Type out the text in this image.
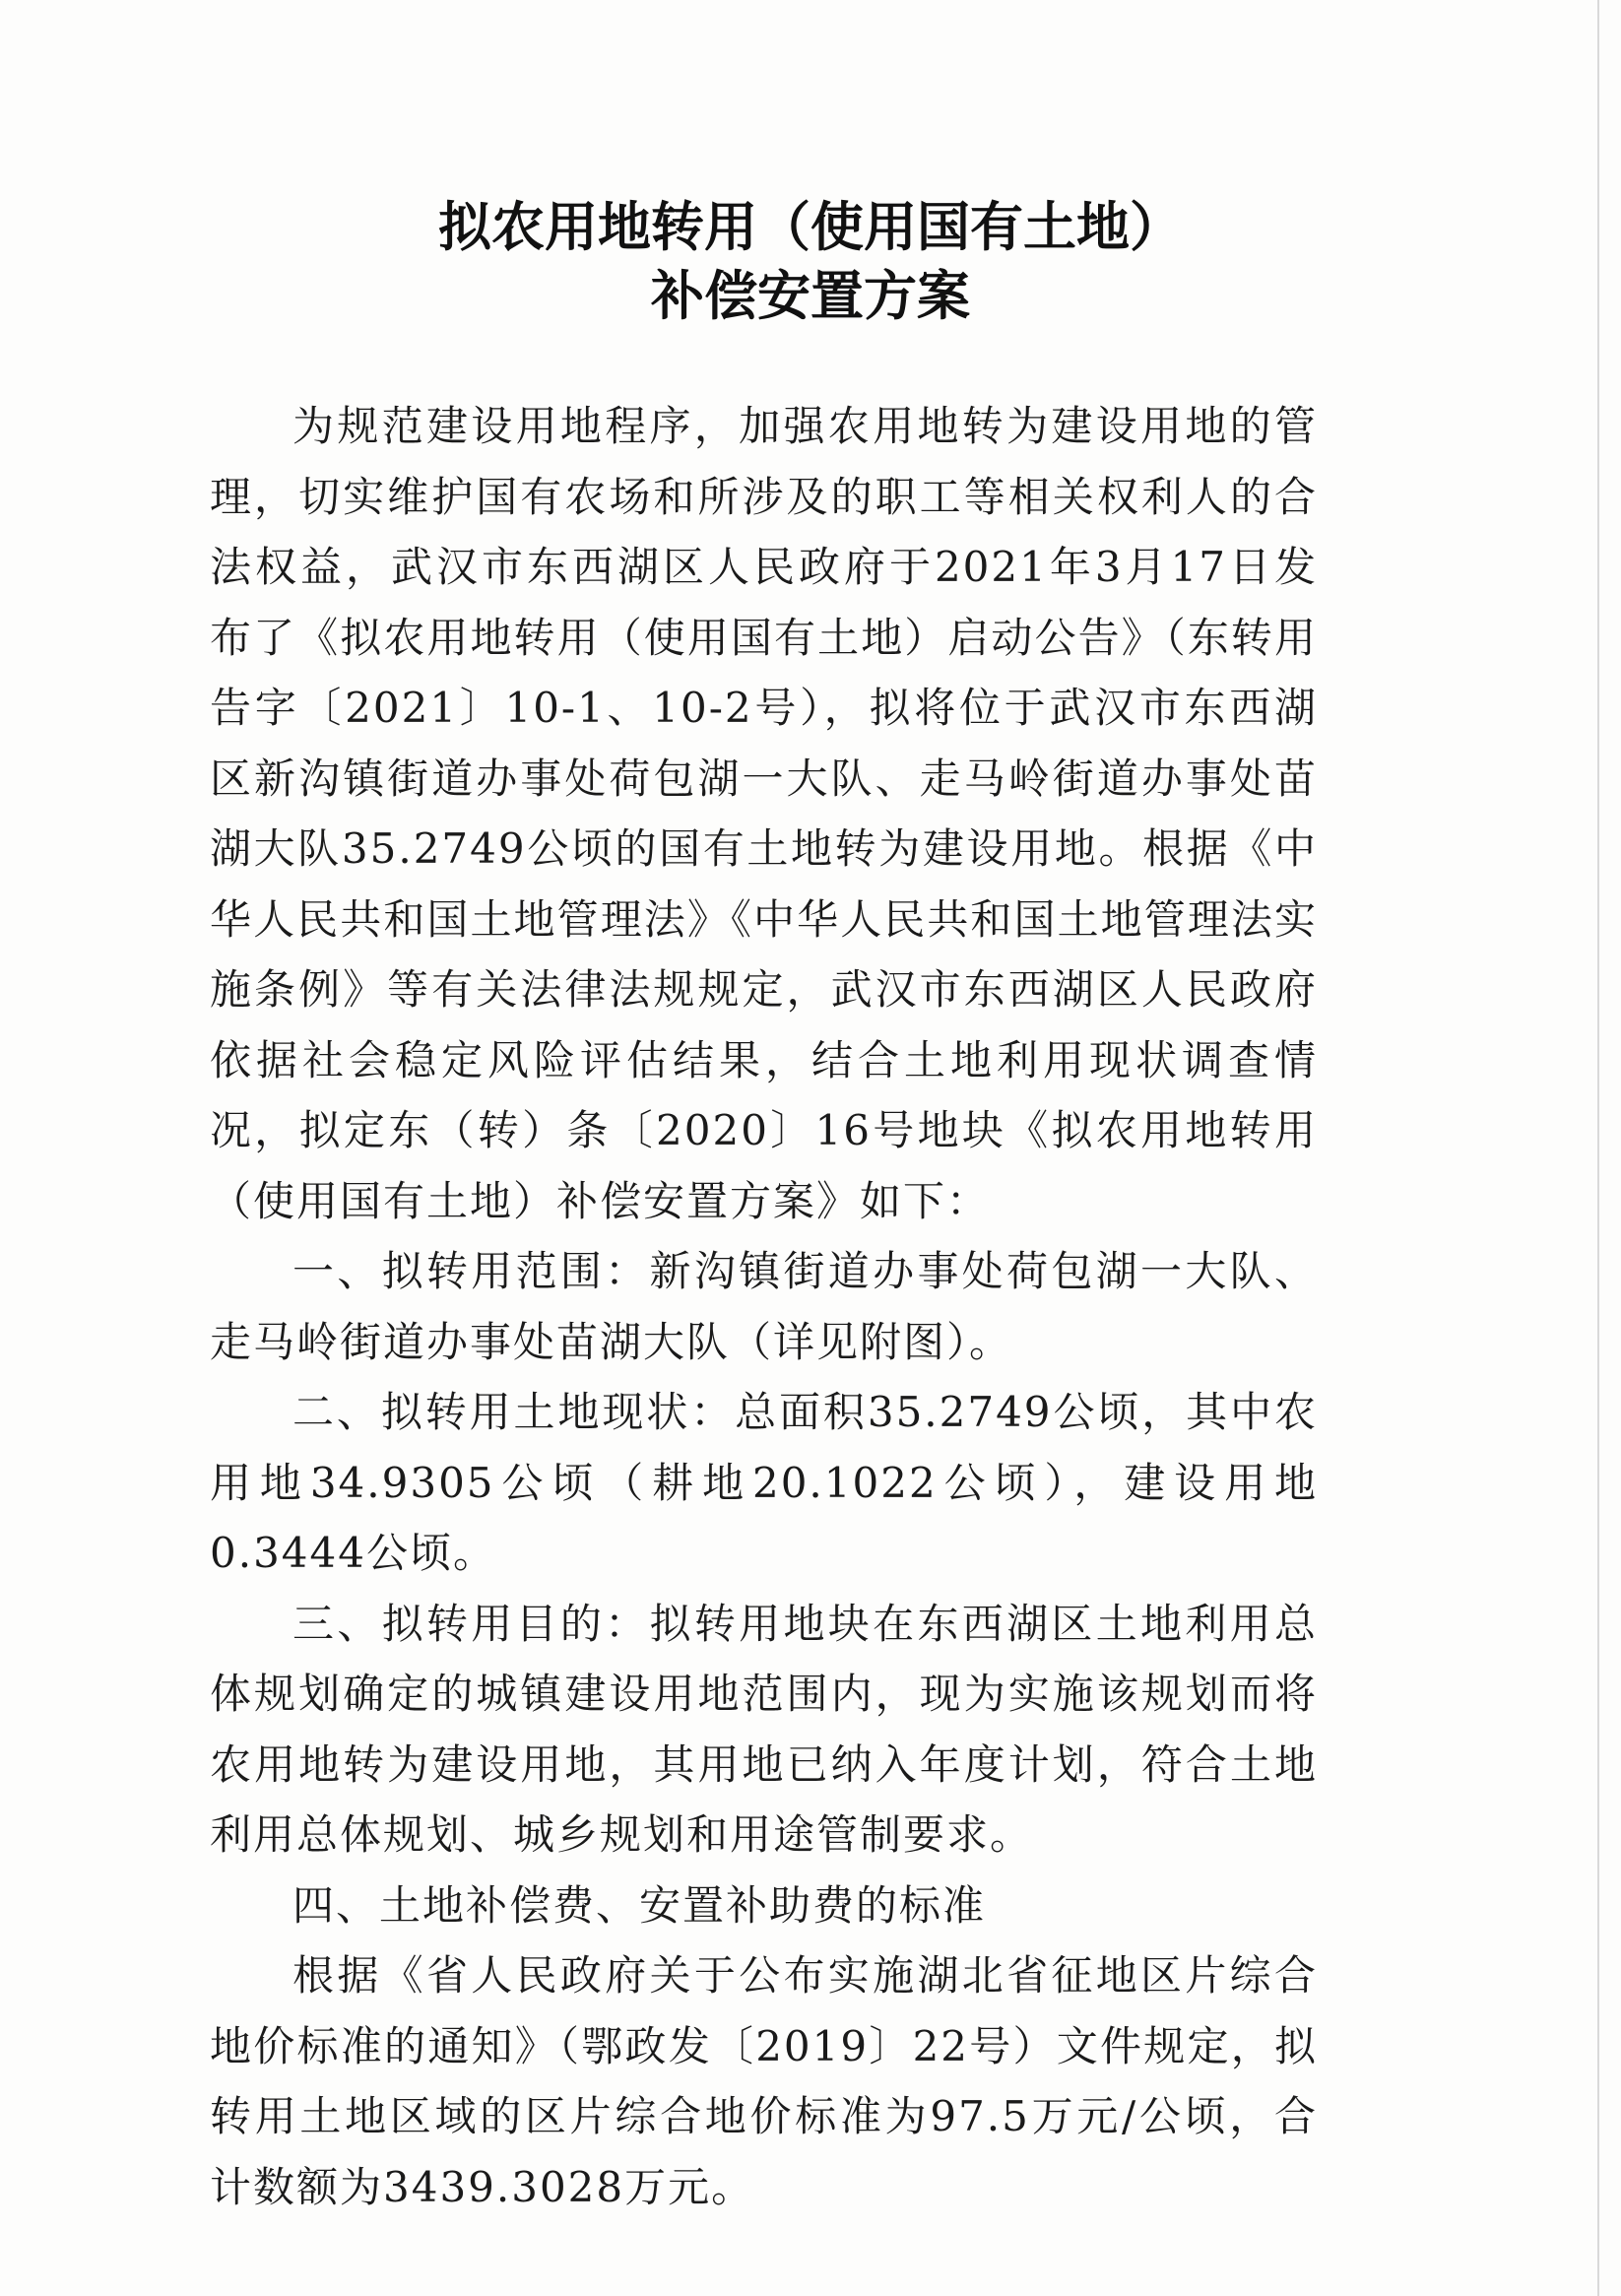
拟农用地转用（使用国有土地）
补偿安置方案

为规范建设用地程序，加强农用地转为建设用地的管理，切实维护国有农场和所涉及的职工等相关权利人的合法权益，武汉市东西湖区人民政府于2021年3月17日发布了《拟农用地转用（使用国有土地）启动公告》（东转用告字〔2021〕10-1、10-2号），拟将位于武汉市东西湖区新沟镇街道办事处荷包湖一大队、走马岭街道办事处苗湖大队35.2749公顷的国有土地转为建设用地。根据《中华人民共和国土地管理法》《中华人民共和国土地管理法实施条例》等有关法律法规规定，武汉市东西湖区人民政府依据社会稳定风险评估结果，结合土地利用现状调查情况，拟定东（转）条〔2020〕16号地块《拟农用地转用（使用国有土地）补偿安置方案》如下：

一、拟转用范围：新沟镇街道办事处荷包湖一大队、走马岭街道办事处苗湖大队（详见附图）。

二、拟转用土地现状：总面积35.2749公顷，其中农用地34.9305公顷（耕地20.1022公顷），建设用地0.3444公顷。

三、拟转用目的：拟转用地块在东西湖区土地利用总体规划确定的城镇建设用地范围内，现为实施该规划而将农用地转为建设用地，其用地已纳入年度计划，符合土地利用总体规划、城乡规划和用途管制要求。

四、土地补偿费、安置补助费的标准

根据《省人民政府关于公布实施湖北省征地区片综合地价标准的通知》（鄂政发〔2019〕22号）文件规定，拟转用土地区域的区片综合地价标准为97.5万元/公顷，合计数额为3439.3028万元。
